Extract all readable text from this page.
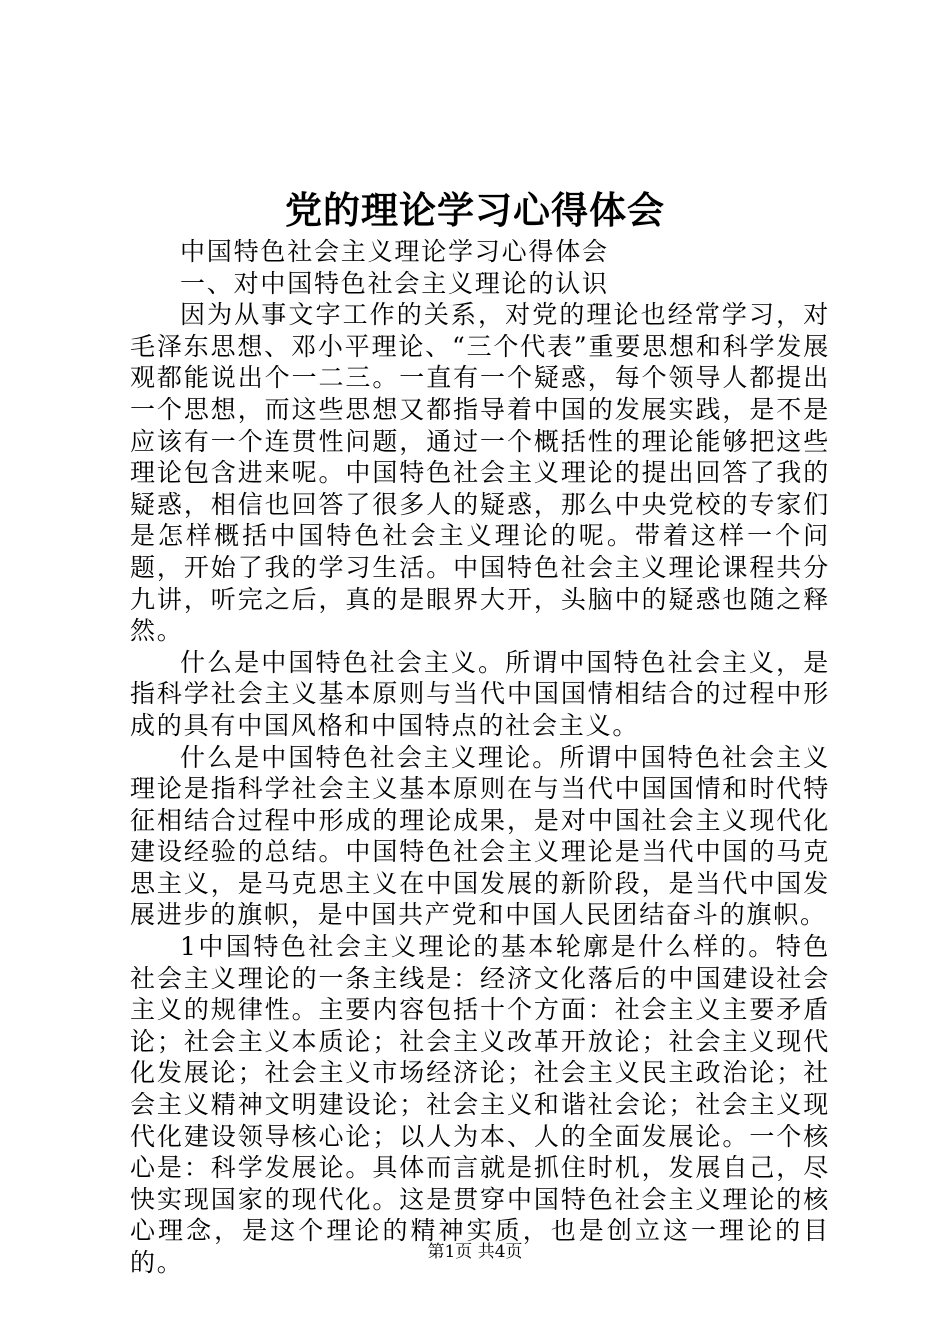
党的理论学习心得体会

中国特色社会主义理论学习心得体会

一、对中国特色社会主义理论的认识

因为从事文字工作的关系，对党的理论也经常学习，对毛泽东思想、邓小平理论、“三个代表”重要思想和科学发展观都能说出个一二三。一直有一个疑惑，每个领导人都提出一个思想，而这些思想又都指导着中国的发展实践，是不是应该有一个连贯性问题，通过一个概括性的理论能够把这些理论包含进来呢。中国特色社会主义理论的提出回答了我的疑惑，相信也回答了很多人的疑惑，那么中央党校的专家们是怎样概括中国特色社会主义理论的呢。带着这样一个问题，开始了我的学习生活。中国特色社会主义理论课程共分九讲，听完之后，真的是眼界大开，头脑中的疑惑也随之释然。

什么是中国特色社会主义。所谓中国特色社会主义，是指科学社会主义基本原则与当代中国国情相结合的过程中形成的具有中国风格和中国特点的社会主义。

什么是中国特色社会主义理论。所谓中国特色社会主义理论是指科学社会主义基本原则在与当代中国国情和时代特征相结合过程中形成的理论成果，是对中国社会主义现代化建设经验的总结。中国特色社会主义理论是当代中国的马克思主义，是马克思主义在中国发展的新阶段，是当代中国发展进步的旗帜，是中国共产党和中国人民团结奋斗的旗帜。

1中国特色社会主义理论的基本轮廓是什么样的。特色社会主义理论的一条主线是：经济文化落后的中国建设社会主义的规律性。主要内容包括十个方面：社会主义主要矛盾论；社会主义本质论；社会主义改革开放论；社会主义现代化发展论；社会主义市场经济论；社会主义民主政治论；社会主义精神文明建设论；社会主义和谐社会论；社会主义现代化建设领导核心论；以人为本、人的全面发展论。一个核心是：科学发展论。具体而言就是抓住时机，发展自己，尽快实现国家的现代化。这是贯穿中国特色社会主义理论的核心理念，是这个理论的精神实质，也是创立这一理论的目的。	第1页 共4页
